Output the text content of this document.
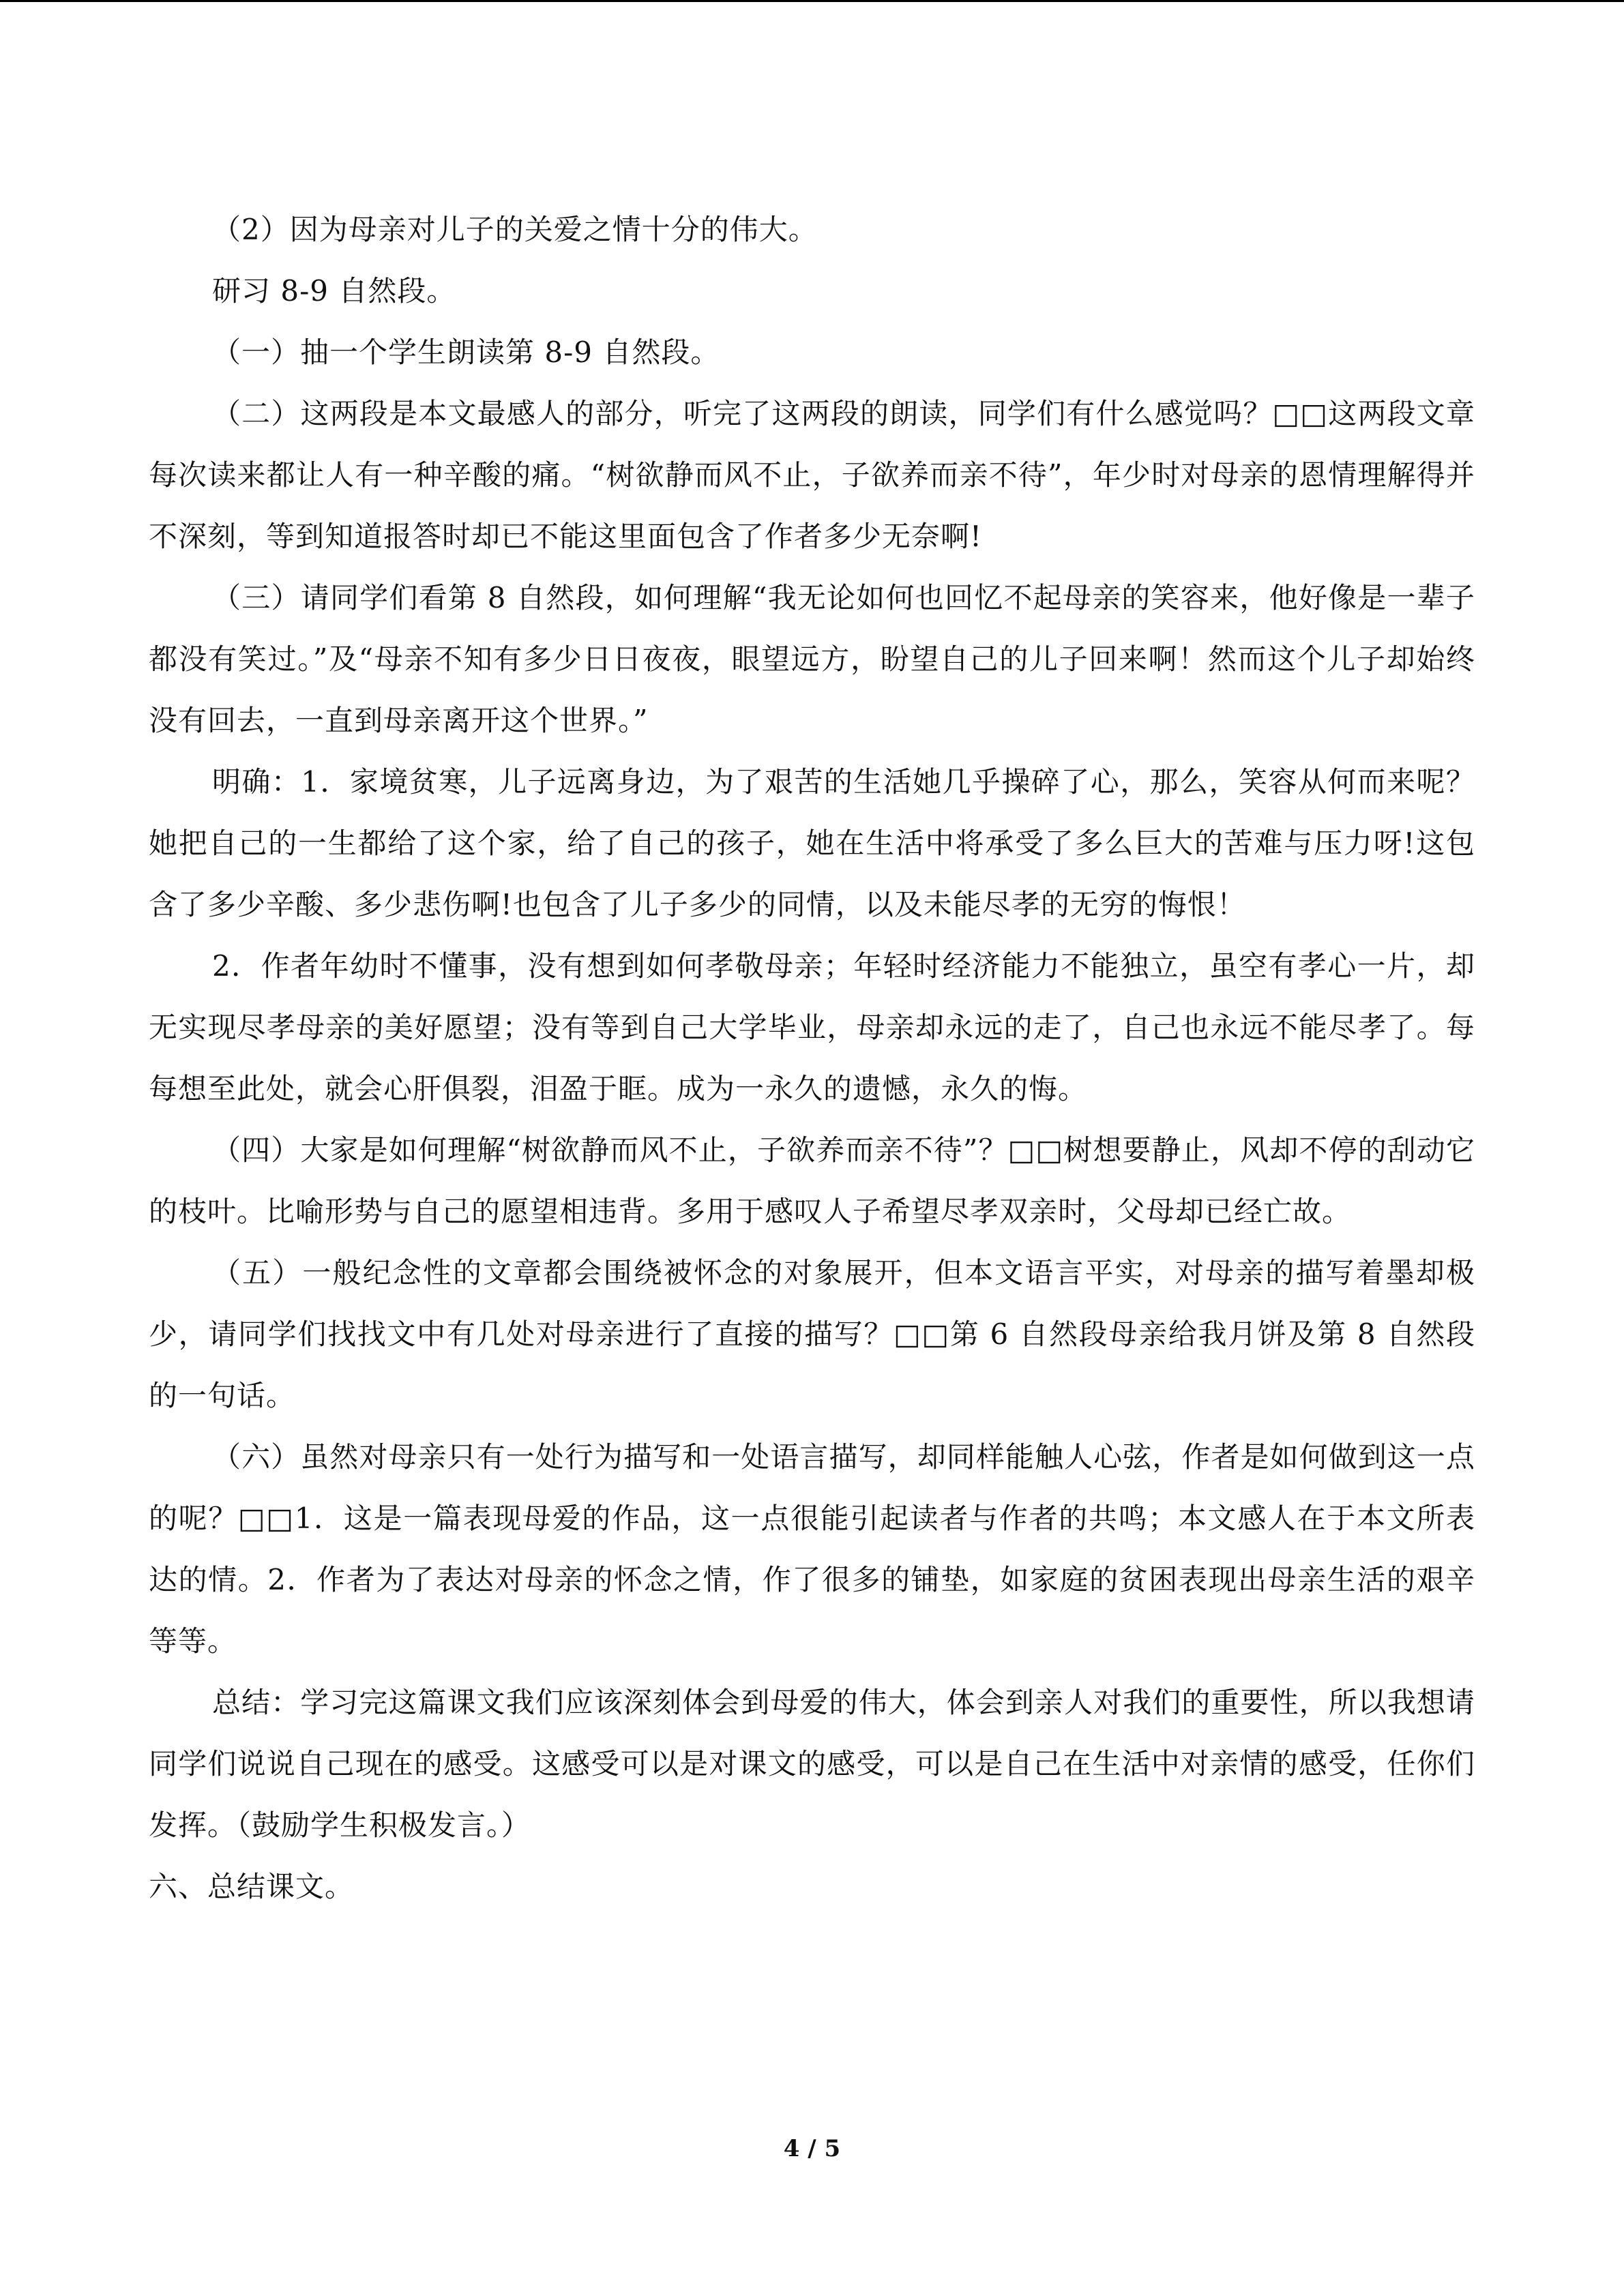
（2）因为母亲对儿子的关爱之情十分的伟大。

研习 8-9 自然段。

（一）抽一个学生朗读第 8-9 自然段。

（二）这两段是本文最感人的部分，听完了这两段的朗读，同学们有什么感觉吗？□□这两段文章每次读来都让人有一种辛酸的痛。“树欲静而风不止，子欲养而亲不待”，年少时对母亲的恩情理解得并不深刻，等到知道报答时却已不能这里面包含了作者多少无奈啊!

（三）请同学们看第 8 自然段，如何理解“我无论如何也回忆不起母亲的笑容来，他好像是一辈子都没有笑过。”及“母亲不知有多少日日夜夜，眼望远方，盼望自己的儿子回来啊！然而这个儿子却始终没有回去，一直到母亲离开这个世界。”

明确：1．家境贫寒，儿子远离身边，为了艰苦的生活她几乎操碎了心，那么，笑容从何而来呢？她把自己的一生都给了这个家，给了自己的孩子，她在生活中将承受了多么巨大的苦难与压力呀!这包含了多少辛酸、多少悲伤啊!也包含了儿子多少的同情，以及未能尽孝的无穷的悔恨！

2．作者年幼时不懂事，没有想到如何孝敬母亲；年轻时经济能力不能独立，虽空有孝心一片，却无实现尽孝母亲的美好愿望；没有等到自己大学毕业，母亲却永远的走了，自己也永远不能尽孝了。每每想至此处，就会心肝俱裂，泪盈于眶。成为一永久的遗憾，永久的悔。

（四）大家是如何理解“树欲静而风不止，子欲养而亲不待”？□□树想要静止，风却不停的刮动它的枝叶。比喻形势与自己的愿望相违背。多用于感叹人子希望尽孝双亲时，父母却已经亡故。

（五）一般纪念性的文章都会围绕被怀念的对象展开，但本文语言平实，对母亲的描写着墨却极少，请同学们找找文中有几处对母亲进行了直接的描写？□□第 6 自然段母亲给我月饼及第 8 自然段的一句话。

（六）虽然对母亲只有一处行为描写和一处语言描写，却同样能触人心弦，作者是如何做到这一点的呢？□□1．这是一篇表现母爱的作品，这一点很能引起读者与作者的共鸣；本文感人在于本文所表达的情。2．作者为了表达对母亲的怀念之情，作了很多的铺垫，如家庭的贫困表现出母亲生活的艰辛等等。

总结：学习完这篇课文我们应该深刻体会到母爱的伟大，体会到亲人对我们的重要性，所以我想请同学们说说自己现在的感受。这感受可以是对课文的感受，可以是自己在生活中对亲情的感受，任你们发挥。（鼓励学生积极发言。）

六、总结课文。

4 / 5
